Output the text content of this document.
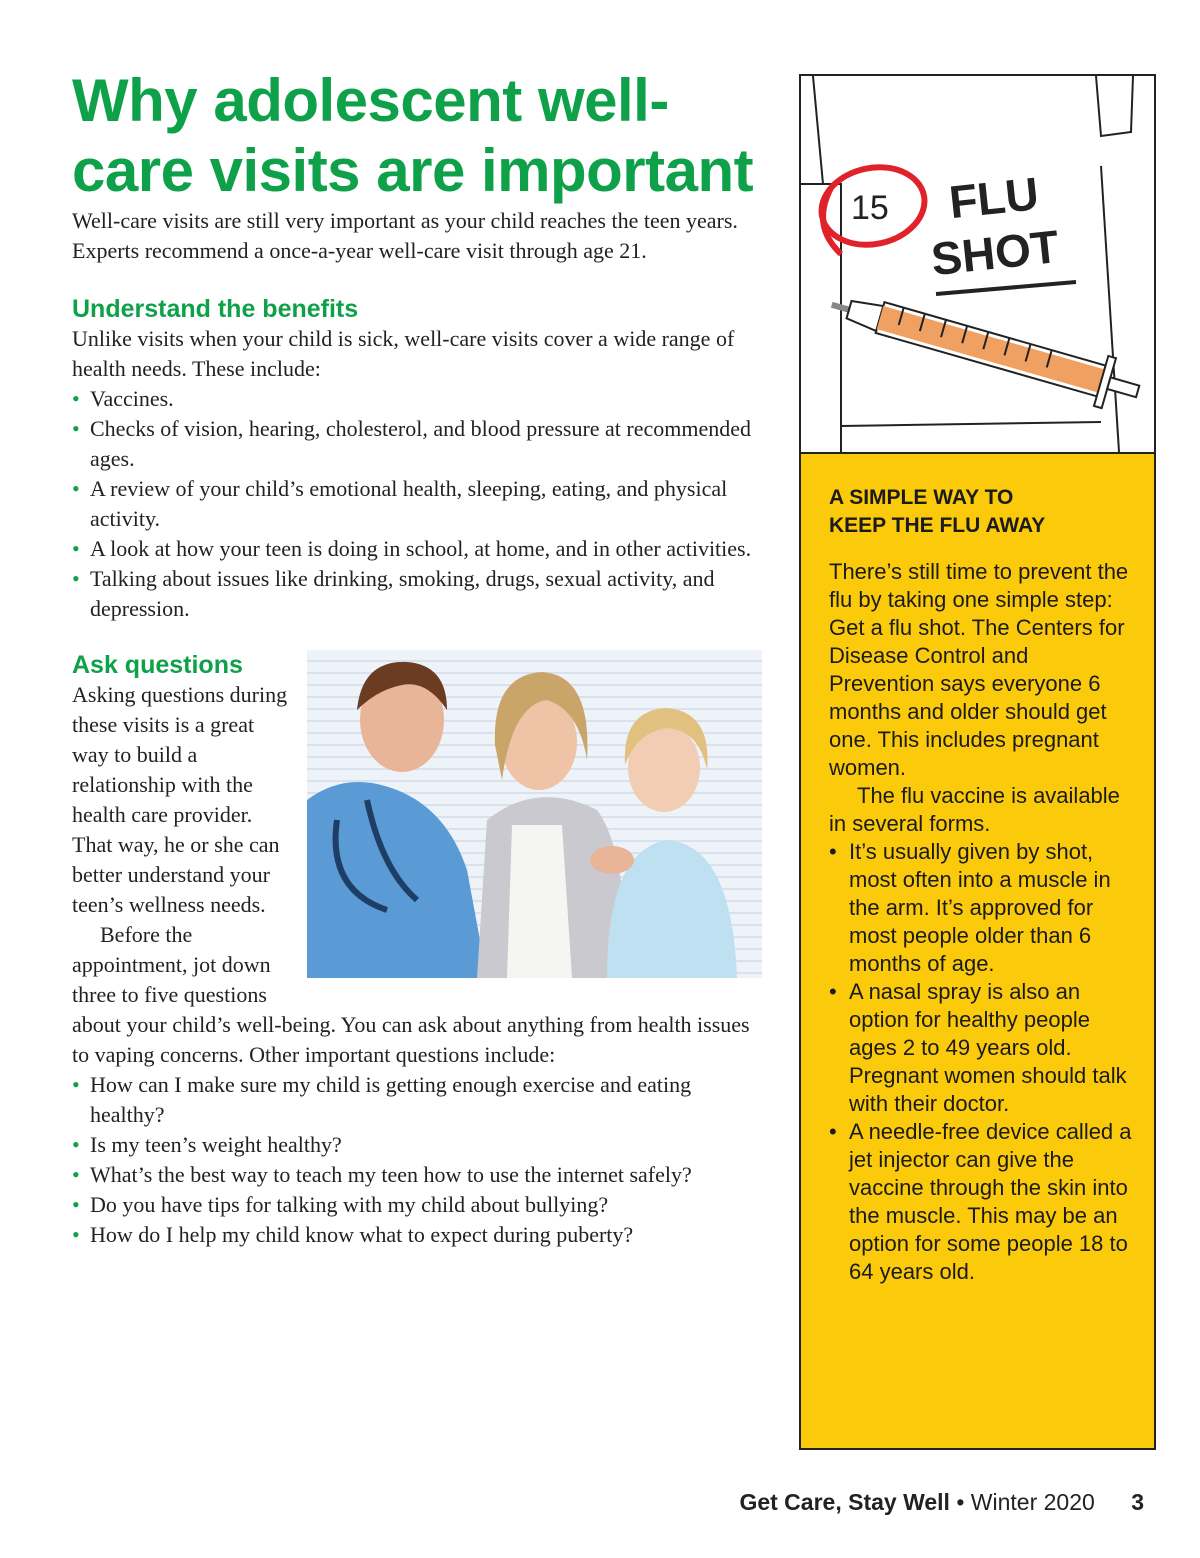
Why adolescent well-care visits are important

Well-care visits are still very important as your child reaches the teen years. Experts recommend a once-a-year well-care visit through age 21.

Understand the benefits

Unlike visits when your child is sick, well-care visits cover a wide range of health needs. These include:

• Vaccines.
• Checks of vision, hearing, cholesterol, and blood pressure at recommended ages.
• A review of your child’s emotional health, sleeping, eating, and physical activity.
• A look at how your teen is doing in school, at home, and in other activities.
• Talking about issues like drinking, smoking, drugs, sexual activity, and depression.
Ask questions

Asking questions during these visits is a great way to build a relationship with the health care provider. That way, he or she can better understand your teen’s wellness needs.

Before the appointment, jot down three to five questions about your child’s well-being. You can ask about anything from health issues to vaping concerns. Other important questions include:

• How can I make sure my child is getting enough exercise and eating healthy?
• Is my teen’s weight healthy?
• What’s the best way to teach my teen how to use the internet safely?
• Do you have tips for talking with my child about bullying?
• How do I help my child know what to expect during puberty?
15 FLU
SHOT

A SIMPLE WAY TO
KEEP THE FLU AWAY

There’s still time to prevent the flu by taking one simple step: Get a flu shot. The Centers for Disease Control and Prevention says everyone 6 months and older should get one. This includes pregnant women.

The flu vaccine is available in several forms.

• It’s usually given by shot, most often into a muscle in the arm. It’s approved for most people older than 6 months of age.
• A nasal spray is also an option for healthy people ages 2 to 49 years old. Pregnant women should talk with their doctor.
• A needle-free device called a jet injector can give the vaccine through the skin into the muscle. This may be an option for some people 18 to 64 years old.
Get Care, Stay Well • Winter 2020 3
